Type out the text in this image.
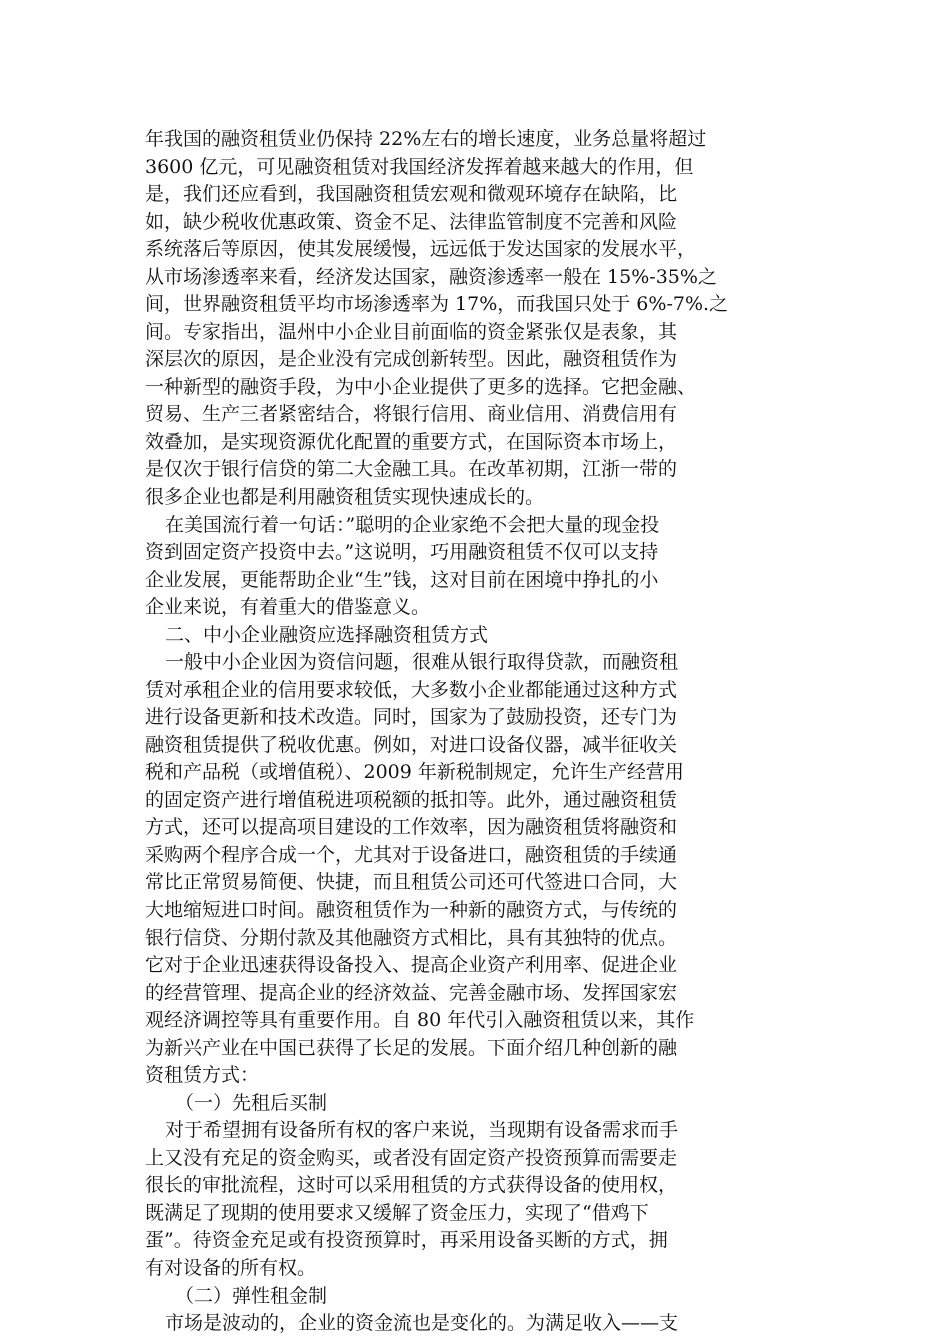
年我国的融资租赁业仍保持 22%左右的增长速度，业务总量将超过
3600 亿元，可见融资租赁对我国经济发挥着越来越大的作用，但
是，我们还应看到，我国融资租赁宏观和微观环境存在缺陷，比
如，缺少税收优惠政策、资金不足、法律监管制度不完善和风险
系统落后等原因，使其发展缓慢，远远低于发达国家的发展水平，
从市场渗透率来看，经济发达国家，融资渗透率一般在 15%-35%之
间，世界融资租赁平均市场渗透率为 17%，而我国只处于 6%-7%.之
间。专家指出，温州中小企业目前面临的资金紧张仅是表象，其
深层次的原因，是企业没有完成创新转型。因此，融资租赁作为
一种新型的融资手段，为中小企业提供了更多的选择。它把金融、
贸易、生产三者紧密结合，将银行信用、商业信用、消费信用有
效叠加，是实现资源优化配置的重要方式，在国际资本市场上，
是仅次于银行信贷的第二大金融工具。在改革初期，江浙一带的
很多企业也都是利用融资租赁实现快速成长的。
在美国流行着一句话：”聪明的企业家绝不会把大量的现金投
资到固定资产投资中去。”这说明，巧用融资租赁不仅可以支持
企业发展，更能帮助企业“生”钱，这对目前在困境中挣扎的小
企业来说，有着重大的借鉴意义。
二、中小企业融资应选择融资租赁方式
一般中小企业因为资信问题，很难从银行取得贷款，而融资租
赁对承租企业的信用要求较低，大多数小企业都能通过这种方式
进行设备更新和技术改造。同时，国家为了鼓励投资，还专门为
融资租赁提供了税收优惠。例如，对进口设备仪器，减半征收关
税和产品税（或增值税）、2009 年新税制规定，允许生产经营用
的固定资产进行增值税进项税额的抵扣等。此外，通过融资租赁
方式，还可以提高项目建设的工作效率，因为融资租赁将融资和
采购两个程序合成一个，尤其对于设备进口，融资租赁的手续通
常比正常贸易简便、快捷，而且租赁公司还可代签进口合同，大
大地缩短进口时间。融资租赁作为一种新的融资方式，与传统的
银行信贷、分期付款及其他融资方式相比，具有其独特的优点。
它对于企业迅速获得设备投入、提高企业资产利用率、促进企业
的经营管理、提高企业的经济效益、完善金融市场、发挥国家宏
观经济调控等具有重要作用。自 80 年代引入融资租赁以来，其作
为新兴产业在中国已获得了长足的发展。下面介绍几种创新的融
资租赁方式：
（一）先租后买制
对于希望拥有设备所有权的客户来说，当现期有设备需求而手
上又没有充足的资金购买，或者没有固定资产投资预算而需要走
很长的审批流程，这时可以采用租赁的方式获得设备的使用权，
既满足了现期的使用要求又缓解了资金压力，实现了“借鸡下
蛋”。待资金充足或有投资预算时，再采用设备买断的方式，拥
有对设备的所有权。
（二）弹性租金制
市场是波动的，企业的资金流也是变化的。为满足收入——支
